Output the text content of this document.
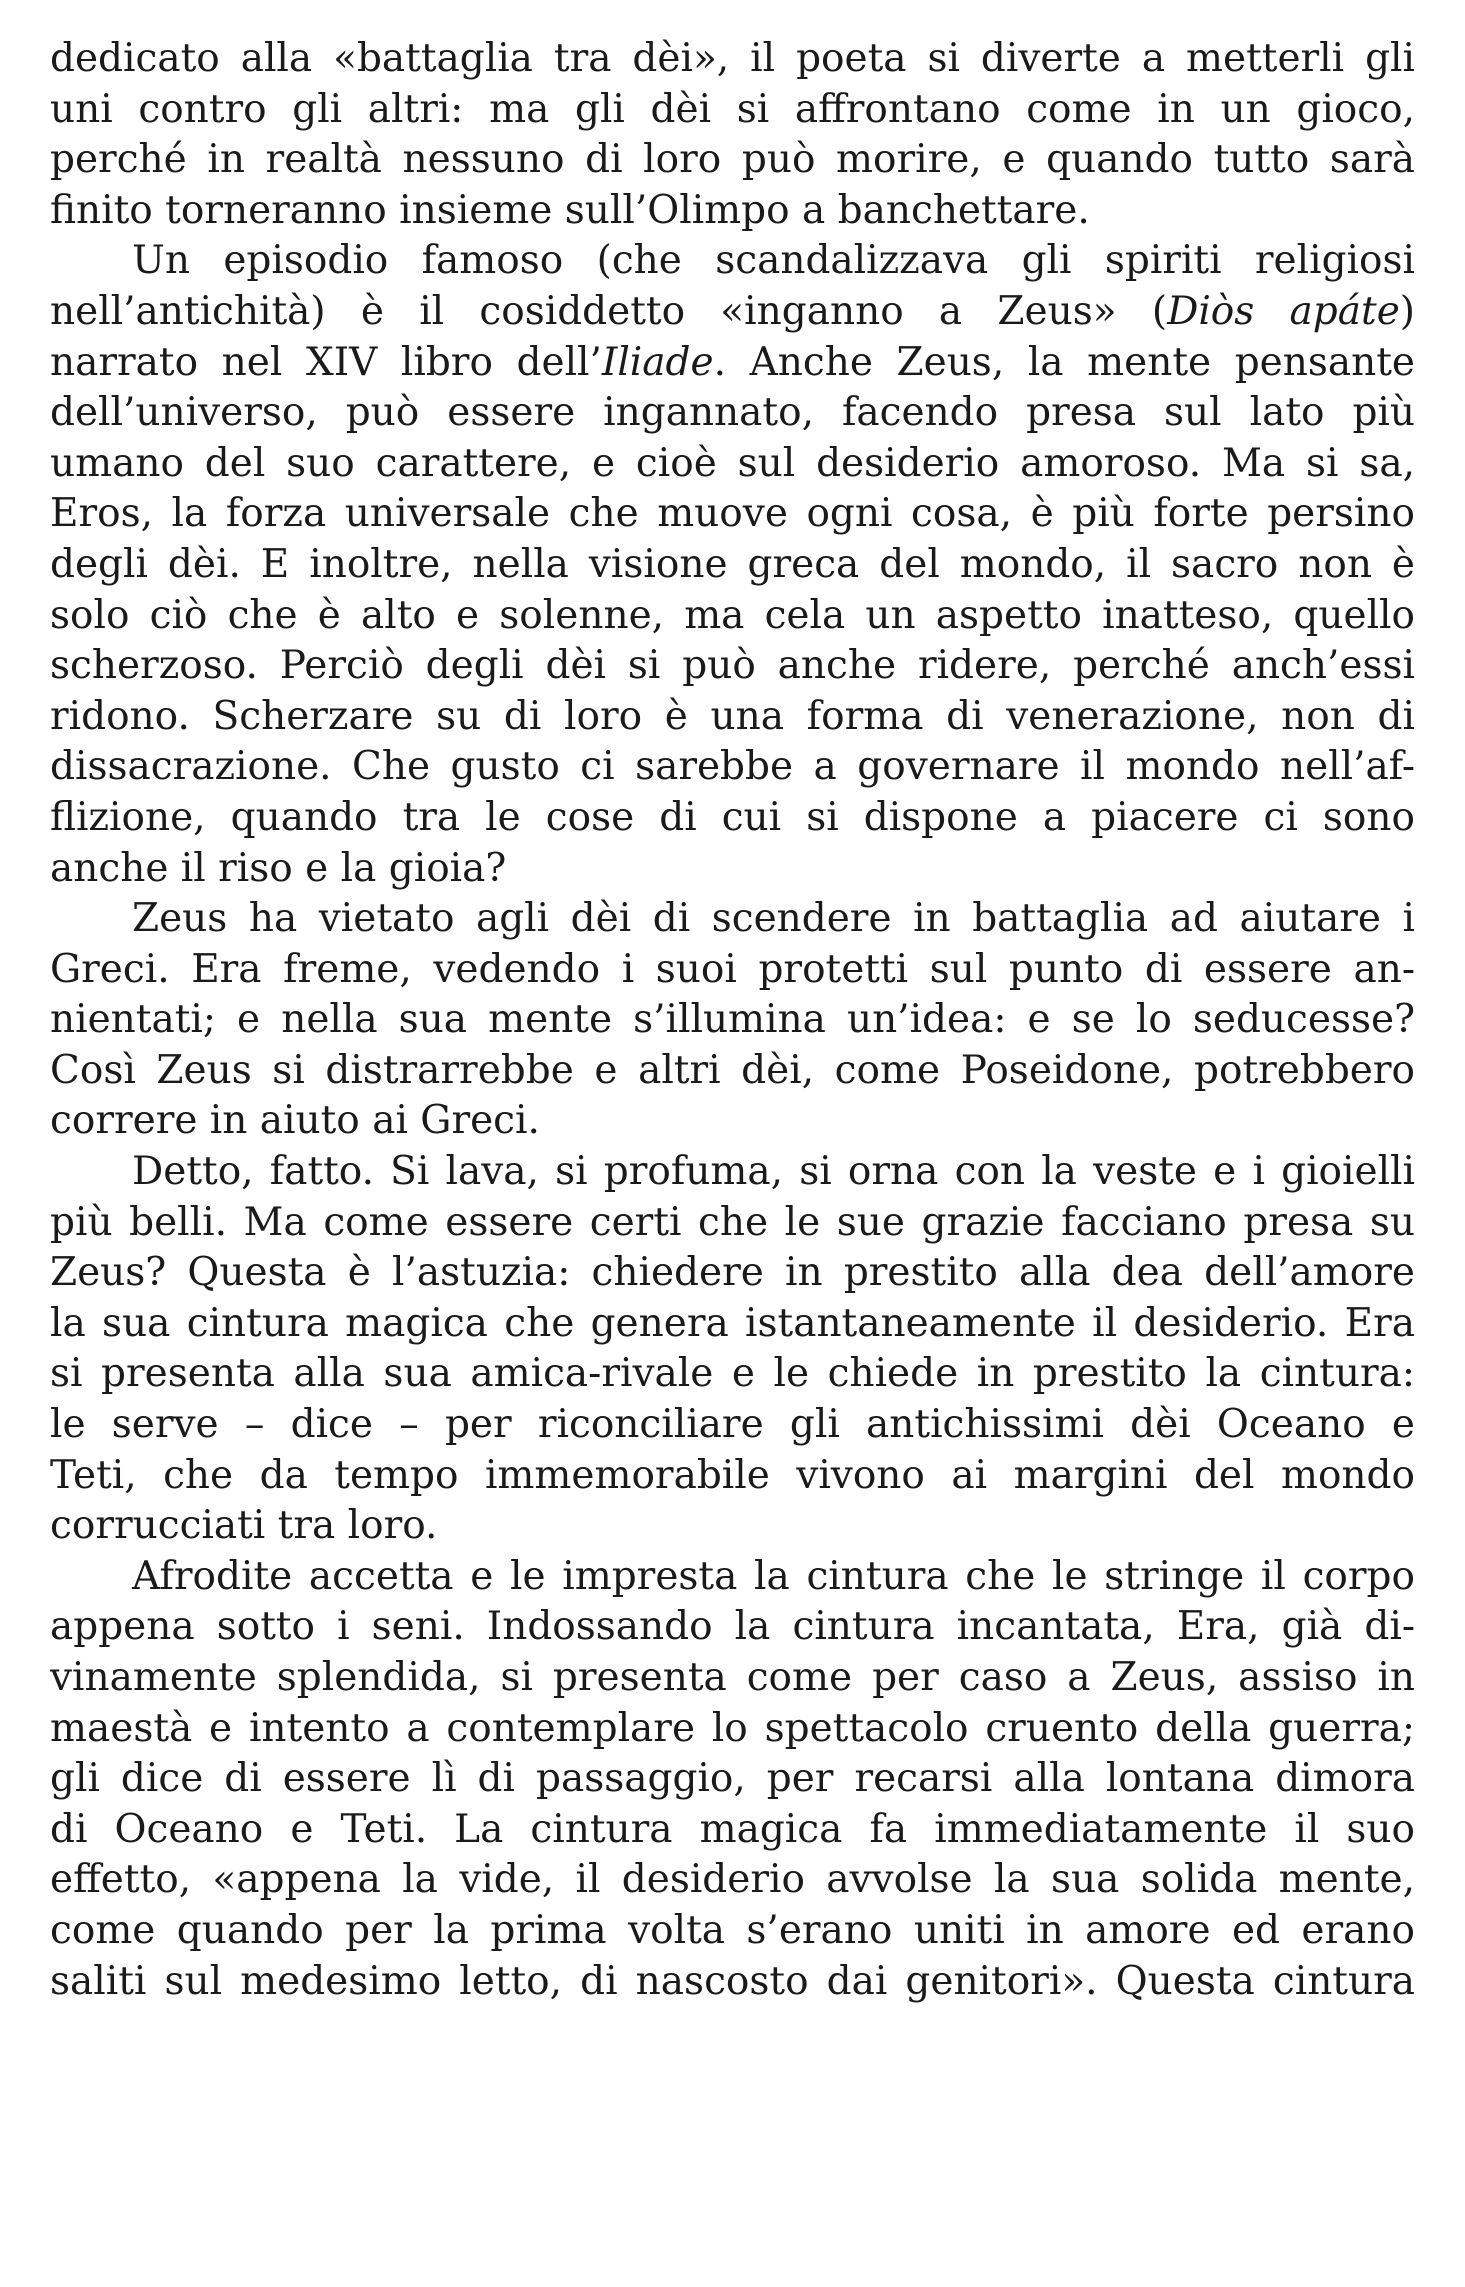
dedicato alla «battaglia tra dèi», il poeta si diverte a metterli gli
uni contro gli altri: ma gli dèi si affrontano come in un gioco,
perché in realtà nessuno di loro può morire, e quando tutto sarà
finito torneranno insieme sull’Olimpo a banchettare.
Un episodio famoso (che scandalizzava gli spiriti religiosi
nell’antichità) è il cosiddetto «inganno a Zeus» (Diòs apáte)
narrato nel XIV libro dell’Iliade. Anche Zeus, la mente pensante
dell’universo, può essere ingannato, facendo presa sul lato più
umano del suo carattere, e cioè sul desiderio amoroso. Ma si sa,
Eros, la forza universale che muove ogni cosa, è più forte persino
degli dèi. E inoltre, nella visione greca del mondo, il sacro non è
solo ciò che è alto e solenne, ma cela un aspetto inatteso, quello
scherzoso. Perciò degli dèi si può anche ridere, perché anch’essi
ridono. Scherzare su di loro è una forma di venerazione, non di
dissacrazione. Che gusto ci sarebbe a governare il mondo nell’af-
flizione, quando tra le cose di cui si dispone a piacere ci sono
anche il riso e la gioia?
Zeus ha vietato agli dèi di scendere in battaglia ad aiutare i
Greci. Era freme, vedendo i suoi protetti sul punto di essere an-
nientati; e nella sua mente s’illumina un’idea: e se lo seducesse?
Così Zeus si distrarrebbe e altri dèi, come Poseidone, potrebbero
correre in aiuto ai Greci.
Detto, fatto. Si lava, si profuma, si orna con la veste e i gioielli
più belli. Ma come essere certi che le sue grazie facciano presa su
Zeus? Questa è l’astuzia: chiedere in prestito alla dea dell’amore
la sua cintura magica che genera istantaneamente il desiderio. Era
si presenta alla sua amica-rivale e le chiede in prestito la cintura:
le serve – dice – per riconciliare gli antichissimi dèi Oceano e
Teti, che da tempo immemorabile vivono ai margini del mondo
corrucciati tra loro.
Afrodite accetta e le impresta la cintura che le stringe il corpo
appena sotto i seni. Indossando la cintura incantata, Era, già di-
vinamente splendida, si presenta come per caso a Zeus, assiso in
maestà e intento a contemplare lo spettacolo cruento della guerra;
gli dice di essere lì di passaggio, per recarsi alla lontana dimora
di Oceano e Teti. La cintura magica fa immediatamente il suo
effetto, «appena la vide, il desiderio avvolse la sua solida mente,
come quando per la prima volta s’erano uniti in amore ed erano
saliti sul medesimo letto, di nascosto dai genitori». Questa cintura
